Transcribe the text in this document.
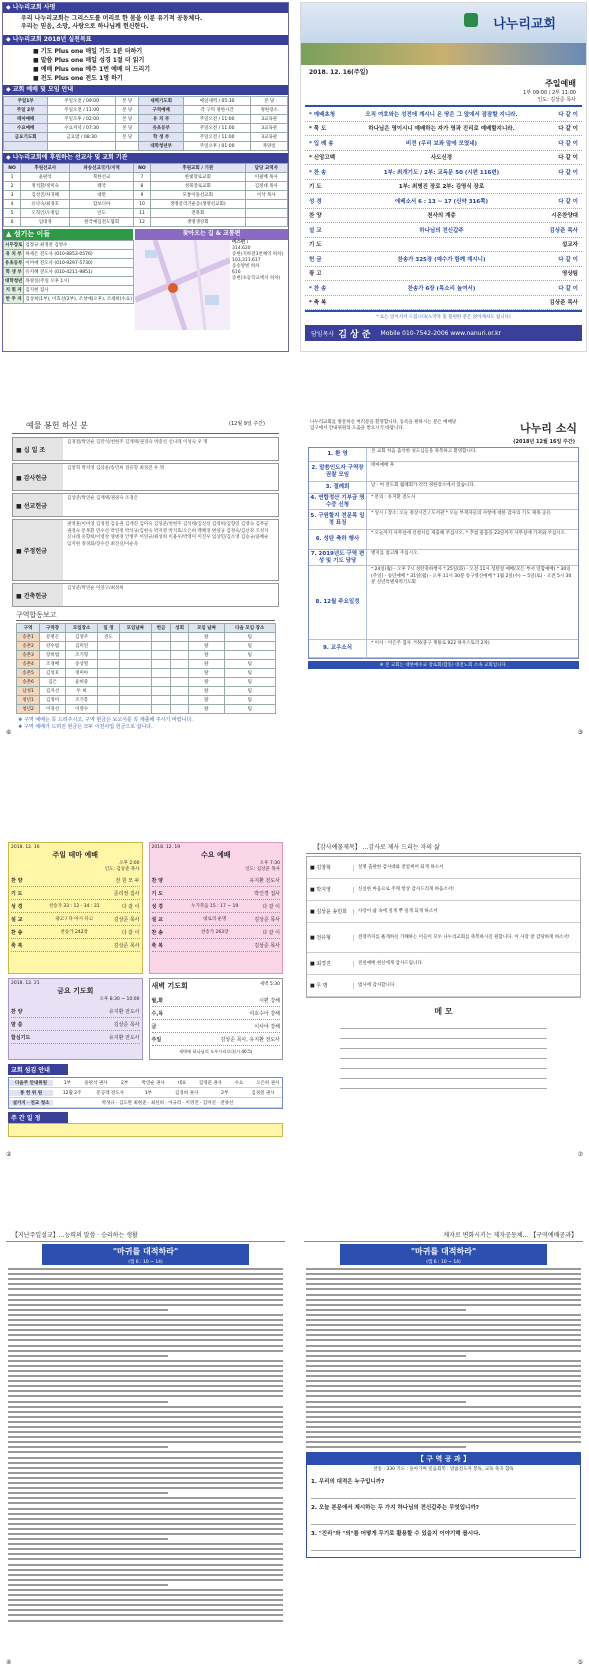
◆ 나누리교회 사명
우리 나누리교회는 그리스도를 머리로 한 몸을 이룬 유기적 공동체다.
우리는 믿음, 소망, 사랑으로 하나님께 헌신한다.
◆ 나누리교회 2018년 실천목표
■ 기도 Plus one 매일 기도 1분 더하기
■ 말씀 Plus one 매일 성경 1절 더 읽기
■ 예배 Plus one 예주 1번 예배 더 드리기
■ 전도 Plus one 전도 1명 하기
◆ 교회 예배 및 모임 안내
주일1부	주일오전 / 09:00	본 당	새벽기도회	매일새벽 / 05:30	본 당
주일 2부	주일오전 / 11:00	본 당	구역예배	각 구역 정한시간	정한장소
테마예배	주일오후 / 02:00	본 당	유 치 부	주일오전 / 11:00	3교육관
수요예배	수요저녁 / 07:30	본 당	유초등부	주일오전 / 11:00	3교육관
금요기도회	금요밤 / 08:30	본 당	학 생 부	주일오전 / 11:00	3교육관
			대학청년부	주일오후 / 01:00	목양실
◆ 나누리교회에 후원하는 선교사 및 교회 기관
NO	후원선교사	파송선교국가/지역	NO	후원교회 / 기관	담당 교역자
1	윤판석	북한선교	7	한빛장로교회	이필배 목사
2	정석환/정미숙	태국	8	성북장로교회	김정대 목사
3	김성진/차귀혜	대만	9	모퉁이돌선교회	이삭 목사
4	유낙숙/최경호	캄보디아	10	생명살리기운동(생명선교회)	
5	오혁인/오정임	인도	11	전북회	
6	임대경	한국예심전도협회	12	생명생강회	
▲ 섬기는 이들
시무장로	엄장규 최경찬 김영수
유 치 부	하세은 전도사 (010-8853-0576)
유초등부	이미애 전도사 (010-9297-5730)
학 생 부	유지혜 전도사 (010-4211-9851)
대학청년	목양실(주일 오후 1시)
지 휘 자	김지현 집사
반 주 자	김상희(1부), 이효선(2부), 조성예(오후), 조세희(수요)
찾아오는 길 & 교통편
버스편 :
314,620
송변(지하철3번째역 하차)
103,311,617
동송방변 하차
616
송변(초등학교에서 하차)
나누리교회
2018. 12. 16(주일)
주일예배
1부 09:00 / 2부 11:00
인도: 김상준 목사
* 예배초청	오직 여호와는 성전에 계시니 온 땅은 그 앞에서 잠잠할 지니라.	다 같 이
* 묵 도	하나님은 영이시니 예배하는 자가 영과 진리로 예배할지니라.	다 같 이
* 입 례 송	비전 (우리 보좌 앞에 모였네)	다 같 이
* 신앙고백	사도신경	다 같 이
* 찬 송	1부: 최개기도 / 2부: 교독문 50 (시편 116편)	다 같 이
기 도	1부: 최병진 장로 2부: 김영식 장로
성 경	에베소서 6 : 13 ~ 17 (신약 316쪽)	다 같 이
찬 양	천사의 계층	시온찬양대
설 교	하나님의 전신갑주	김상준 목사
기 도	설교자
헌 금	찬송가 325장 (예수가 함께 계시니)	다 같 이
광 고	영상팀
* 찬 송	찬송가 6장 (목소리 높여서)	다 같 이
* 축 복	김상준 목사
* 표는 일어서서 드립니다(노약자 및 불편한 분은 앉아계셔도 됩니다)
담임목사 김 상 준 Mobile 010-7542-2006 www.nanuri.or.kr
예물 봉헌 하신 분	(12월 9일 주간)
■ 십 일 조
김경철/박연순 김만석/천현주 김계택/권경숙 박충선 신나래 이성숙 우 명
■ 감사헌금
김창혁 박지영 김상윤/송민희 전유형 최경진 우 명
■ 선교헌금
김상준/박연순 김계택/권경숙 조경은
■ 주정헌금
권영훈/이미영 김경철 김응권 김계진 김미숙 김성준/천현주 김석태/김신선 김영희/김향연 김영숙 김무균 권경숙 문목환 민수선 박연정 박석규/김현숙 박지영 박지효/오은희 백혜경 변창규 김정숙/김신경 조성자 신나래 유향희/이영찬 양병경 안병주 이연규/최성희 이용우/박영미 이진우 임상민/김소영 김승규/윤혜순 임지현 정경화/장수진 최진선/이순욱
■ 건축헌금
김상준/박연순 이연구/최성희
구역합동보고
구역	구역장	모임장소	일 정	모임날짜	헌금	성회	모임 날짜	다음 모임 장소
송촌1	문명곤	김영주	전도				탈	팀
송촌2	강수범	김미연					탈	팀
송촌3	장희범	조기형					탈	팀
송촌4	조경배	송상열					탈	팀
송촌5	김성호	정미아					탈	팀
송촌6	김은	윤희중					탈	팀
남성1	김지선	두 희					탈	팀
청년1	김정미	조기봉					탈	팀
청년2	이경선	이영수					탈	팀
❖ 구역 예배는 꼭 드려주시고, 구역 현금은 보고서를 꼭 제출해 주시기 바랍니다.
❖ 구역 예배가 드려진 현금은 모두 이전사업 헌금으로 삽니다.
⑥
나누리교회를 방문하신 여러분을 환영합니다. 등록을 원하시는 분은 예배당 입구에서 안내위원의 도움을 받으시기 바랍니다.	나누리 소식
(2018년 12월 16일 주간)
1. 환 영	본 교회 처음 출석한 성도님들을 축복하고 환영합니다.
2. 말씀인도자 구역장 권찰 모임
테마예배 후
3. 절례회	날 · 여 전도회 월례회가 각각 정한장소에서 있습니다.
4. 연합정산 기부금 영수증 신청
* 문의 : 유지환 전도사
5. 구원할지 전문목 일정 표징
* 일시 / 장소: 오늘 정상시간 / 도서관 * 오늘 부재자들의 사항에 대한 감사의 기도 제목 공유
6. 성탄 축하 행사
* 오늘까지 사무실에 신청서를 제출해 주십시오. * 추첨 물품을 23일까지 사무실에 가져와 주십시오.
7. 2019년도 구역 편성 및 기도 당당
별지를 참고해 주십시오.
8. 12월 주요일정
* 24일(월) - 오후 7시 성탄축하행사 * 25일(화) - 오전 11시 성탄절 예배(모든 부서 연합예배) * 30일(주일) - 송년예배 * 31일(월) - 오후 11시 30분 송구영신예배 * 1월 2일(수) ~ 5일(토) - 오전 5시 30분 신년특별새벽기도회
9. 교우소식
* 이사 - 이은주 집사 거정(중구 계룡로 922 하우스토리 2차)
※ 본 교회는 대한예수교 장로회(합동) 대전노회 소속 교회입니다.
③
2018. 12. 16
주일 테마 예배
오후 2:00
인도: 김상준 목사
찬 양	전 원 모 두
기 도	준리정 집사
성 경	찬송가 33 : 12 - 34 : 31	다 같 이
설 교	광고 / 다 아시 다고	김상준 목사
찬 송	찬송가 242장	다 같 이
축 복	김상준 목사
2018. 12. 19
수요 예배
오후 7:30
인도: 김상준 목사
찬 양	유지환 전도사
기 도	박인경 집사
성 경	누가복음 15 : 17 ~ 19	다 같 이
설 교	대로리 운명	김상준 목사
찬 송	찬송가 263장	다 같 이
축 복	김상준 목사
2018. 12. 21
금요 기도회
오후 8:30 ~ 10:00
찬 양	유지환 전도사
말 씀	김상준 목사
합심기도	유지환 전도사
새벽 기도회	새벽 5:30
월,화	시편 강해
수,목	여호수아 강해
금	이사야 강해
주일	김상준 목사, 유지환 전도사
새벽에 하나님의 도우시리로다(시 46:5)
교회 섬김 안내
다음주 안내위원	1부	윤판석 권사	2부	박연순 권사	대표	김영준 권사	수요	오은희 권사
봉 헌 위 원	12월 2주	문공래 전도사	1부	김경희 권사	2부	김경철 권사
설거지 · 친교 청소	박성규 · 김도완 최현준 · 최선희 · 이규라 · 이영진 · 김미선 · 전양선
주 간 일 정
②
【감사예물제목】 ...감사로 제사 드리는 자의 삶
■ 김창혁	설명 출판한 감사대와 전암찌어 되게 하소서
■ 박지영	신실한 마음으로 주께 항상 감사드리게 하옵소서!
■ 김상윤 송민희	사랑이 삶 속에 깊게 뿌 깊게 되게 하소서
■ 전유형	전영까지를 훌게하신 가해하는 이들이 모두 나누리교회를 축복하시길 원합니다. 이 사랑 잘 감당하게 하소서!
■ 최경진	전설예배 현신에게 감사드립니다.
■ 무 명	범사에 감사합니다.
메 모
⑦
【지난주일설교】...능력의 말씀 · 승리하는 생활
"마귀를 대적하라"
(엡 6 : 10 ~ 14)
④
제자로 변화시키는 제자공동체... 【구역예배공과】
"마귀를 대적하라"
(엡 6 : 10 ~ 14)
【 구 역 공 과 】
찬송 : 330 기도 : 돌아가며 믿음회복 : 말씀전도자 봉독, 교독 축곡 합독
1. 우리의 대적은 누구입니까?
2. 오늘 본문에서 제시하는 두 가지 하나님의 전신갑주는 무엇입니까?
3. "진리"와 "의"를 어떻게 무기로 활용할 수 있을지 이야기해 봅시다.
⑤
